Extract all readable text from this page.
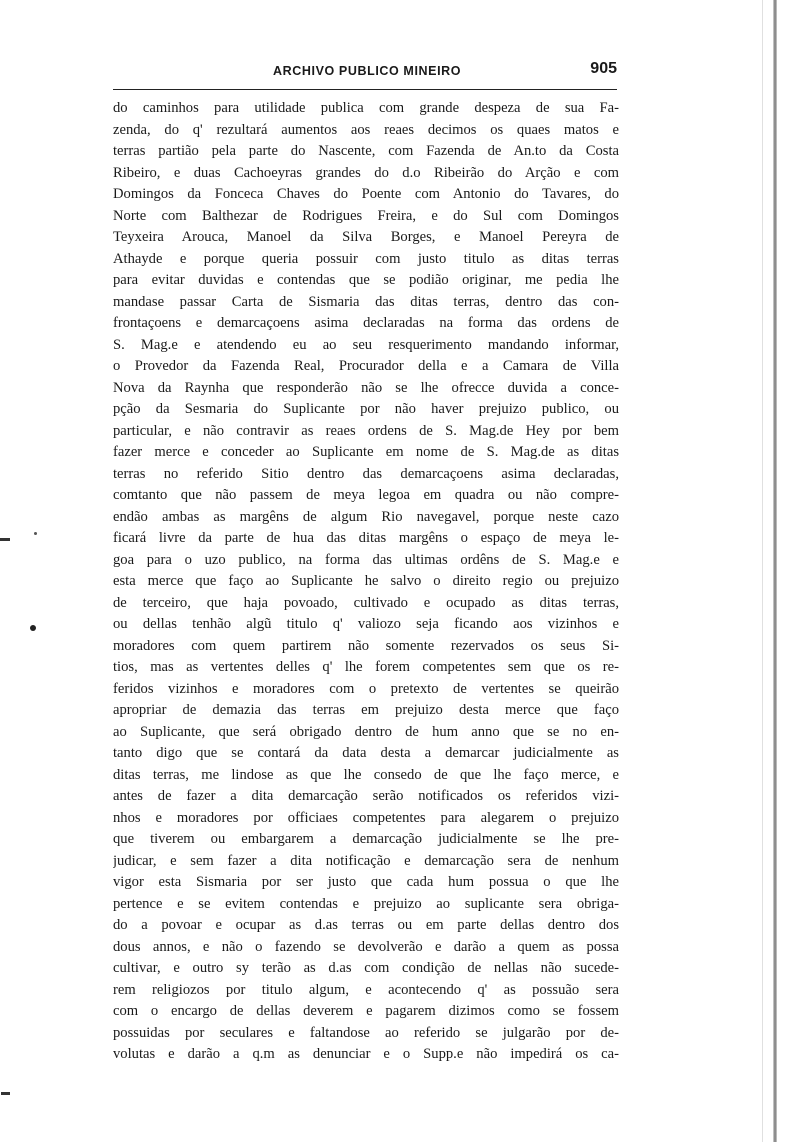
ARCHIVO PUBLICO MINEIRO	905
do caminhos para utilidade publica com grande despeza de sua Fa-
zenda, do q' rezultará aumentos aos reaes decimos os quaes matos e
terras partião pela parte do Nascente, com Fazenda de An.to da Costa
Ribeiro, e duas Cachoeyras grandes do d.o Ribeirão do Arção e com
Domingos da Fonceca Chaves do Poente com Antonio do Tavares, do
Norte com Balthezar de Rodrigues Freira, e do Sul com Domingos
Teyxeira Arouca, Manoel da Silva Borges, e Manoel Pereyra de
Athayde e porque queria possuir com justo titulo as ditas terras
para evitar duvidas e contendas que se podião originar, me pedia lhe
mandase passar Carta de Sismaria das ditas terras, dentro das con-
frontaçoens e demarcaçoens asima declaradas na forma das ordens de
S. Mag.e e atendendo eu ao seu resquerimento mandando informar,
o Provedor da Fazenda Real, Procurador della e a Camara de Villa
Nova da Raynha que responderão não se lhe ofrecce duvida a conce-
pção da Sesmaria do Suplicante por não haver prejuizo publico, ou
particular, e não contravir as reaes ordens de S. Mag.de Hey por bem
fazer merce e conceder ao Suplicante em nome de S. Mag.de as ditas
terras no referido Sitio dentro das demarcaçoens asima declaradas,
comtanto que não passem de meya legoa em quadra ou não compre-
endão ambas as margêns de algum Rio navegavel, porque neste cazo
ficará livre da parte de hua das ditas margêns o espaço de meya le-
goa para o uzo publico, na forma das ultimas ordêns de S. Mag.e e
esta merce que faço ao Suplicante he salvo o direito regio ou prejuizo
de terceiro, que haja povoado, cultivado e ocupado as ditas terras,
ou dellas tenhão algũ titulo q' valiozo seja ficando aos vizinhos e
moradores com quem partirem não somente rezervados os seus Si-
tios, mas as vertentes delles q' lhe forem competentes sem que os re-
feridos vizinhos e moradores com o pretexto de vertentes se queirão
apropriar de demazia das terras em prejuizo desta merce que faço
ao Suplicante, que será obrigado dentro de hum anno que se no en-
tanto digo que se contará da data desta a demarcar judicialmente as
ditas terras, me lindose as que lhe consedo de que lhe faço merce, e
antes de fazer a dita demarcação serão notificados os referidos vizi-
nhos e moradores por officiaes competentes para alegarem o prejuizo
que tiverem ou embargarem a demarcação judicialmente se lhe pre-
judicar, e sem fazer a dita notificação e demarcação sera de nenhum
vigor esta Sismaria por ser justo que cada hum possua o que lhe
pertence e se evitem contendas e prejuizo ao suplicante sera obriga-
do a povoar e ocupar as d.as terras ou em parte dellas dentro dos
dous annos, e não o fazendo se devolverão e darão a quem as possa
cultivar, e outro sy terão as d.as com condição de nellas não sucede-
rem religiozos por titulo algum, e acontecendo q' as possuão sera
com o encargo de dellas deverem e pagarem dizimos como se fossem
possuidas por seculares e faltandose ao referido se julgarão por de-
volutas e darão a q.m as denunciar e o Supp.e não impedirá os ca-
